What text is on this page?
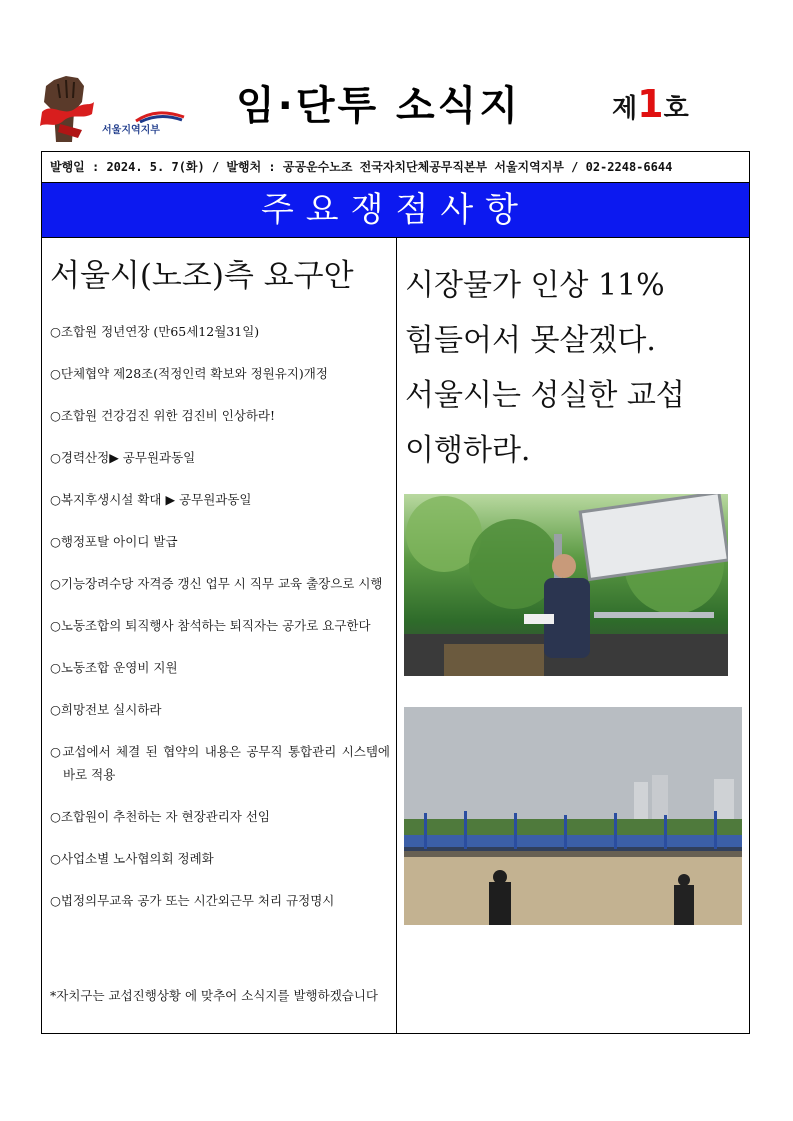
서울지역지부
임·단투 소식지	제1호
발행일 : 2024. 5. 7(화) / 발행처 : 공공운수노조 전국자치단체공무직본부 서울지역지부 / 02-2248-6644
주요쟁점사항
서울시(노조)측 요구안
○조합원 정년연장 (만65세12월31일)
○단체협약 제28조(적정인력 확보와 정원유지)개정
○조합원 건강검진 위한 검진비 인상하라!
○경력산정▶ 공무원과동일
○복지후생시설 확대 ▶ 공무원과동일
○행정포탈 아이디 발급
○기능장려수당 자격증 갱신 업무 시 직무 교육 출장으로 시행
○노동조합의 퇴직행사 참석하는 퇴직자는 공가로 요구한다
○노동조합 운영비 지원
○희망전보 실시하라
○교섭에서 체결 된 협약의 내용은 공무직 통합관리 시스템에 바로 적용
○조합원이 추천하는 자 현장관리자 선임
○사업소별 노사협의회 정례화
○법정의무교육 공가 또는 시간외근무 처리 규정명시
*자치구는 교섭진행상황 에 맞추어 소식지를 발행하겠습니다
시장물가 인상 11%
힘들어서 못살겠다.
서울시는 성실한 교섭
이행하라.
